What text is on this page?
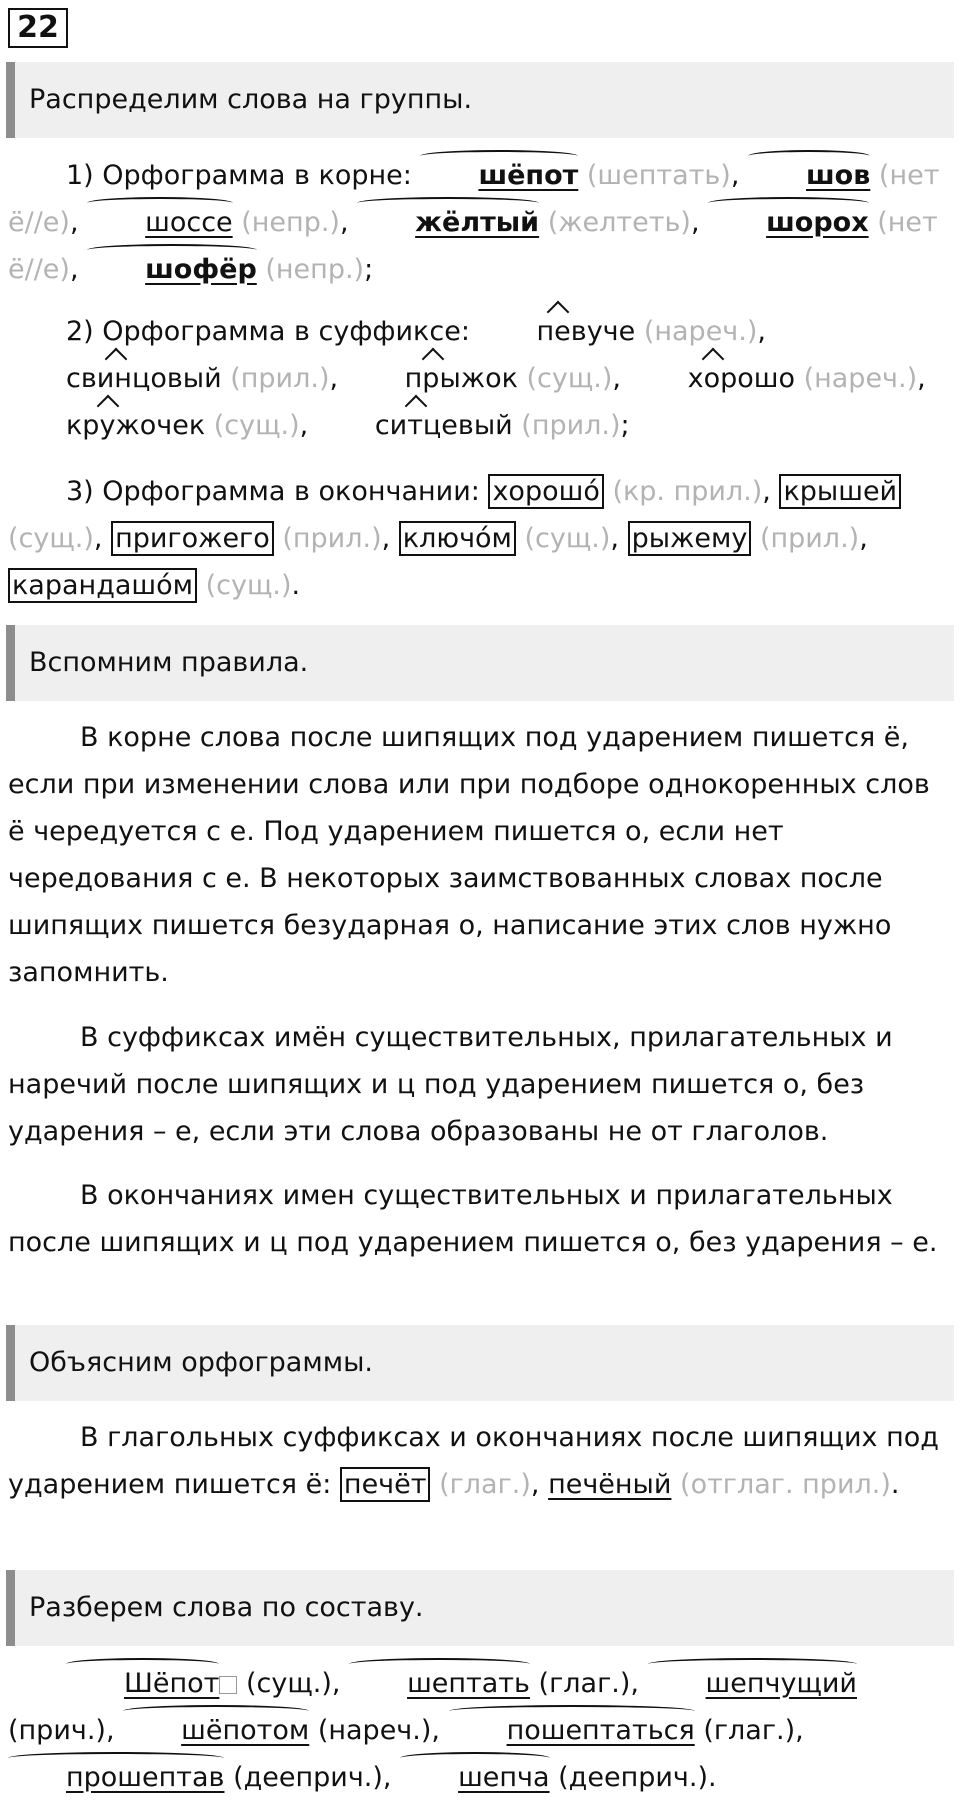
22
Распределим слова на группы.

1) Орфограмма в корне: шёпот (шептать), шов (нет ё//е), шоссе (непр.), жёлтый (желтеть), шорох (нет ё//е), шофёр (непр.);

2) Орфограмма в суффиксе: певуче (нареч.), свинцовый (прил.), прыжок (сущ.), хорошо (нареч.), кружочек (сущ.), ситцевый (прил.);

3) Орфограмма в окончании: хорошо́ (кр. прил.), крышей (сущ.), пригожего (прил.), ключо́м (сущ.), рыжему (прил.), карандашо́м (сущ.).

Вспомним правила.

В корне слова после шипящих под ударением пишется ё, если при изменении слова или при подборе однокоренных слов ё чередуется с е. Под ударением пишется о, если нет чередования с е. В некоторых заимствованных словах после шипящих пишется безударная о, написание этих слов нужно запомнить.

В суффиксах имён существительных, прилагательных и наречий после шипящих и ц под ударением пишется о, без ударения – е, если эти слова образованы не от глаголов.

В окончаниях имен существительных и прилагательных после шипящих и ц под ударением пишется о, без ударения – е.

Объясним орфограммы.

В глагольных суффиксах и окончаниях после шипящих под ударением пишется ё: печёт (глаг.), печёный (отглаг. прил.).

Разберем слова по составу.

Шёпот (сущ.), шептать (глаг.), шепчущий (прич.), шёпотом (нареч.), пошептаться (глаг.), прошептав (дееприч.), шепча (дееприч.).
